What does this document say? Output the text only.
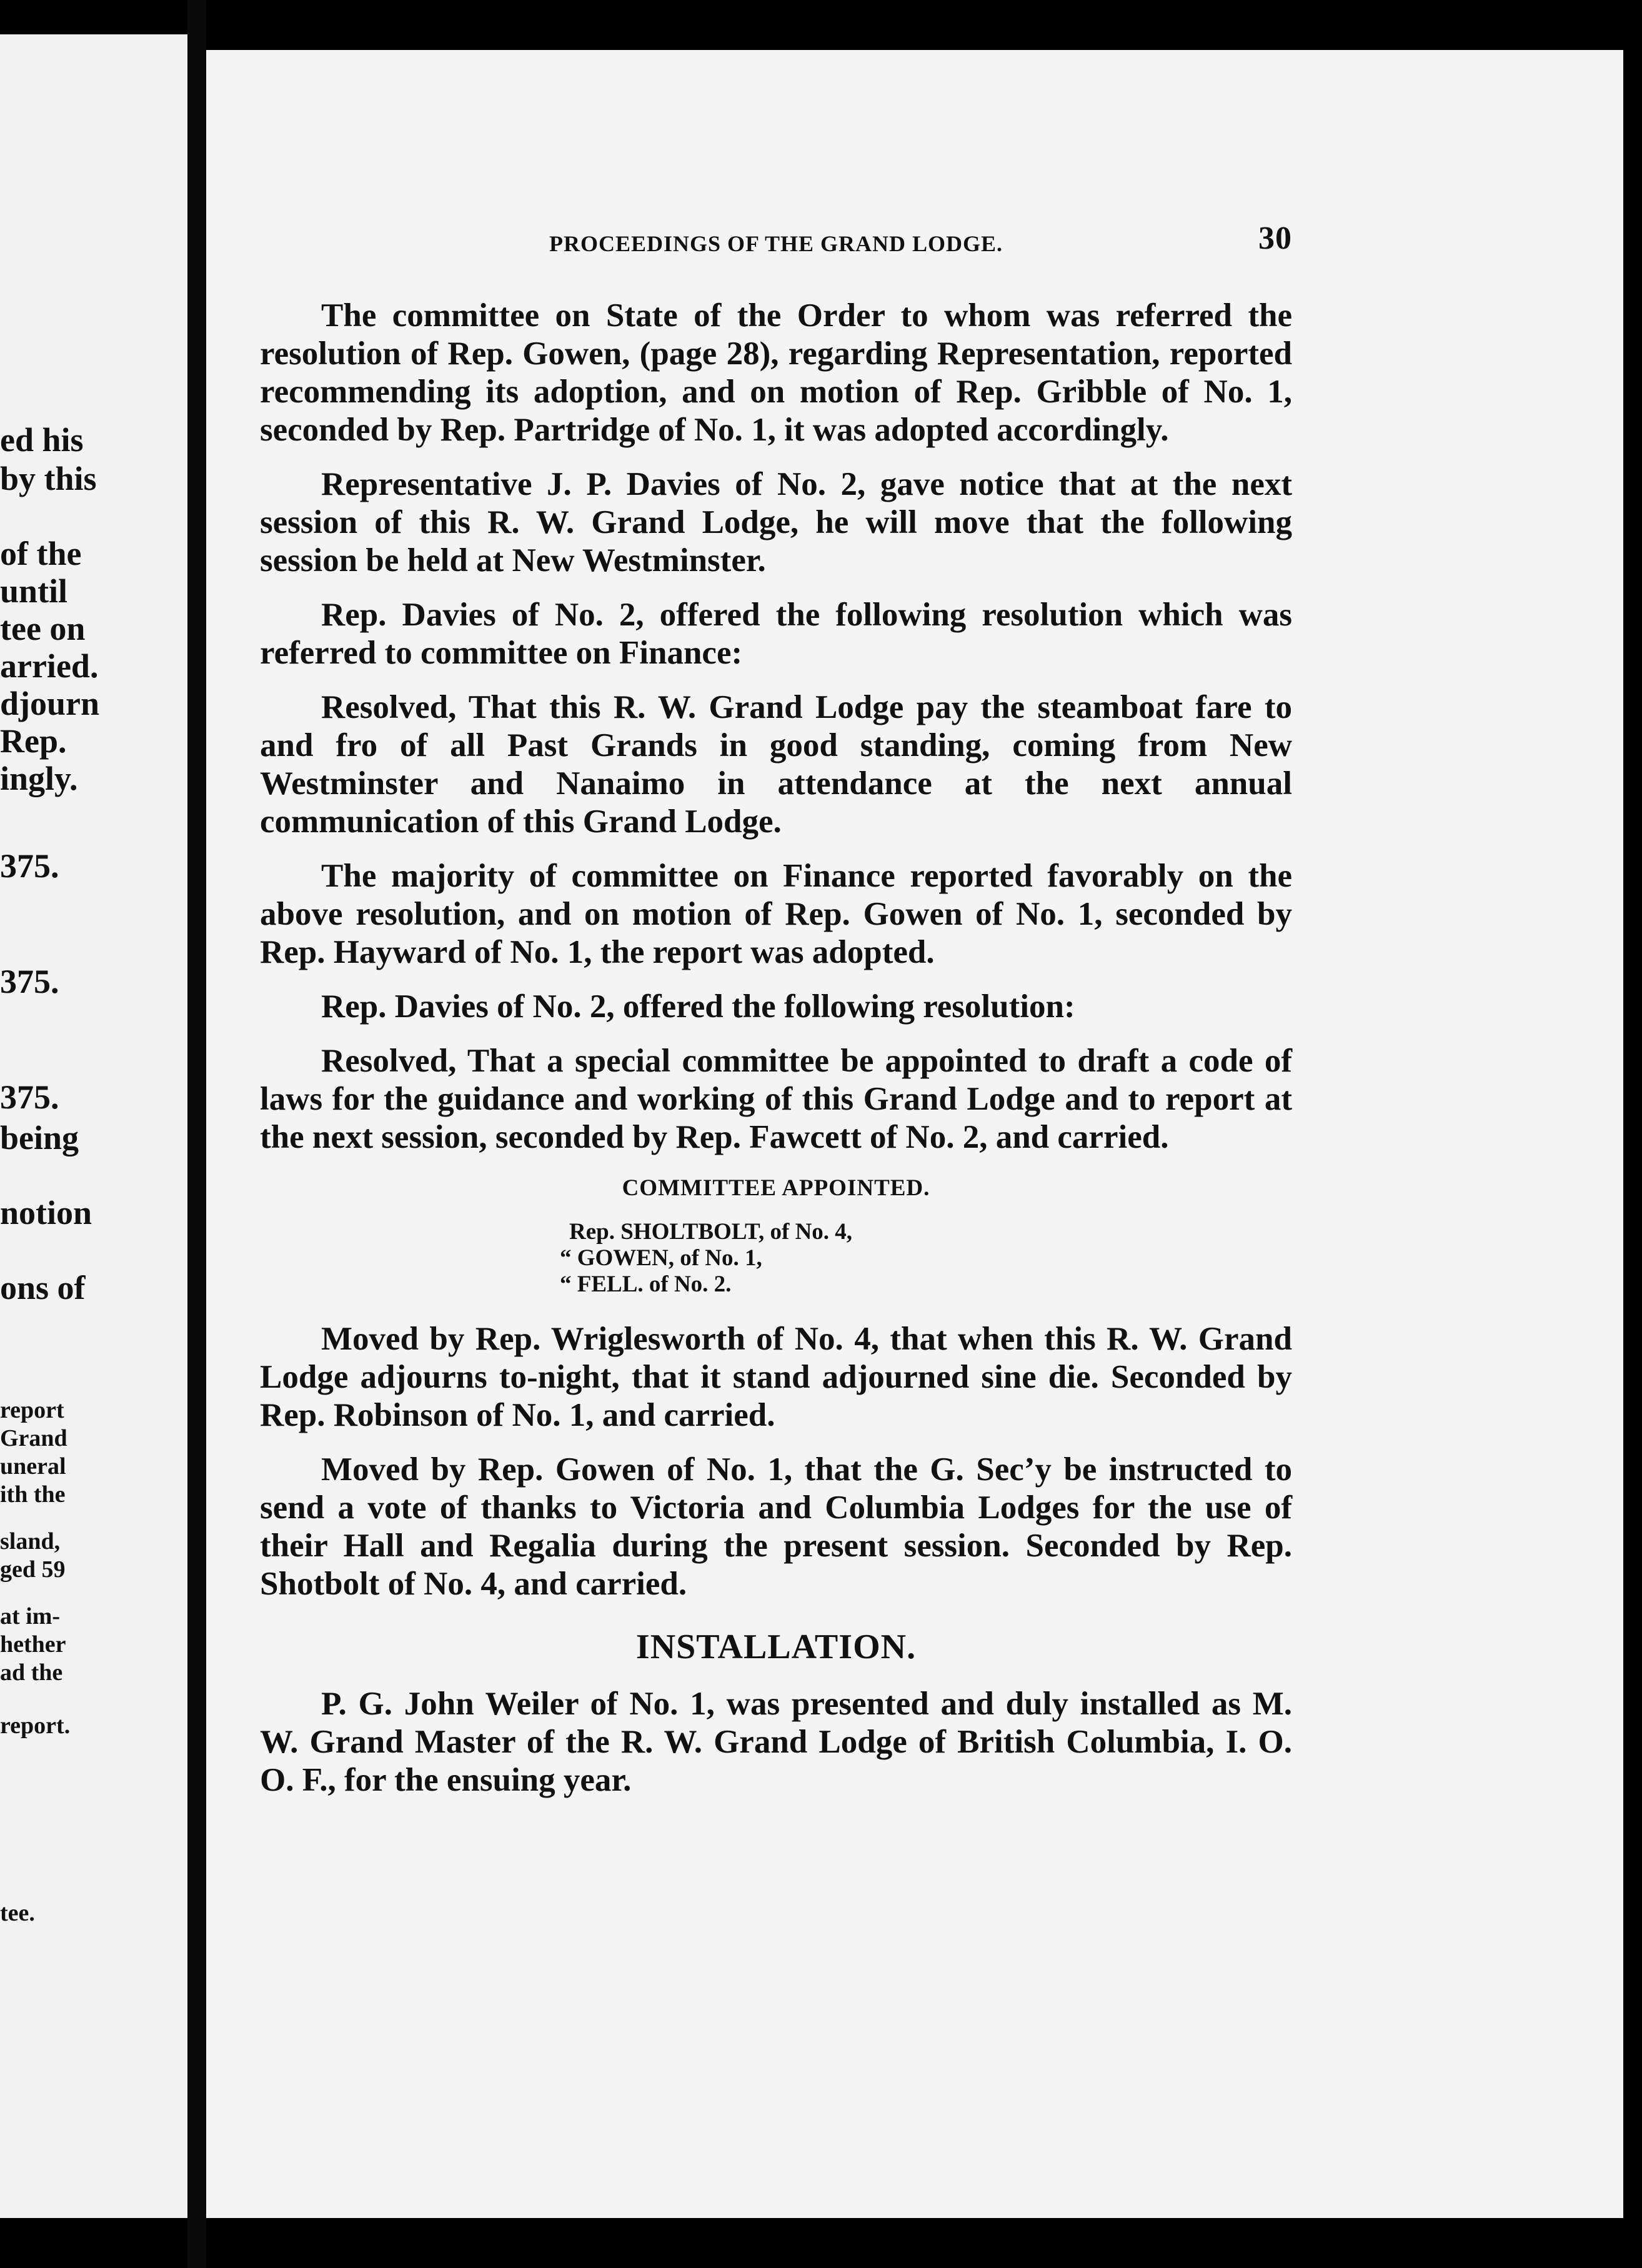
ed his

by this

of the

until

tee on

arried.

djourn

Rep.

ingly.

375.

375.

375.

being

notion

ons of

report

Grand

uneral

ith the

sland,

ged 59

at im-

hether

ad the

report.

tee.

PROCEEDINGS OF THE GRAND LODGE.	30

The committee on State of the Order to whom was referred the resolution of Rep. Gowen, (page 28), regarding Representation, reported recommending its adoption, and on motion of Rep. Gribble of No. 1, seconded by Rep. Partridge of No. 1, it was adopted accordingly.

Representative J. P. Davies of No. 2, gave notice that at the next session of this R. W. Grand Lodge, he will move that the following session be held at New Westminster.

Rep. Davies of No. 2, offered the following resolution which was referred to committee on Finance:

Resolved, That this R. W. Grand Lodge pay the steamboat fare to and fro of all Past Grands in good standing, coming from New Westminster and Nanaimo in attendance at the next annual communication of this Grand Lodge.

The majority of committee on Finance reported favorably on the above resolution, and on motion of Rep. Gowen of No. 1, seconded by Rep. Hayward of No. 1, the report was adopted.

Rep. Davies of No. 2, offered the following resolution:

Resolved, That a special committee be appointed to draft a code of laws for the guidance and working of this Grand Lodge and to report at the next session, seconded by Rep. Fawcett of No. 2, and carried.

COMMITTEE APPOINTED.
Rep. SHOLTBOLT, of No. 4,
“ GOWEN, of No. 1,
“ FELL. of No. 2.

Moved by Rep. Wriglesworth of No. 4, that when this R. W. Grand Lodge adjourns to-night, that it stand adjourned sine die. Seconded by Rep. Robinson of No. 1, and carried.

Moved by Rep. Gowen of No. 1, that the G. Sec’y be instructed to send a vote of thanks to Victoria and Columbia Lodges for the use of their Hall and Regalia during the present session. Seconded by Rep. Shotbolt of No. 4, and carried.

INSTALLATION.

P. G. John Weiler of No. 1, was presented and duly installed as M. W. Grand Master of the R. W. Grand Lodge of British Columbia, I. O. O. F., for the ensuing year.
